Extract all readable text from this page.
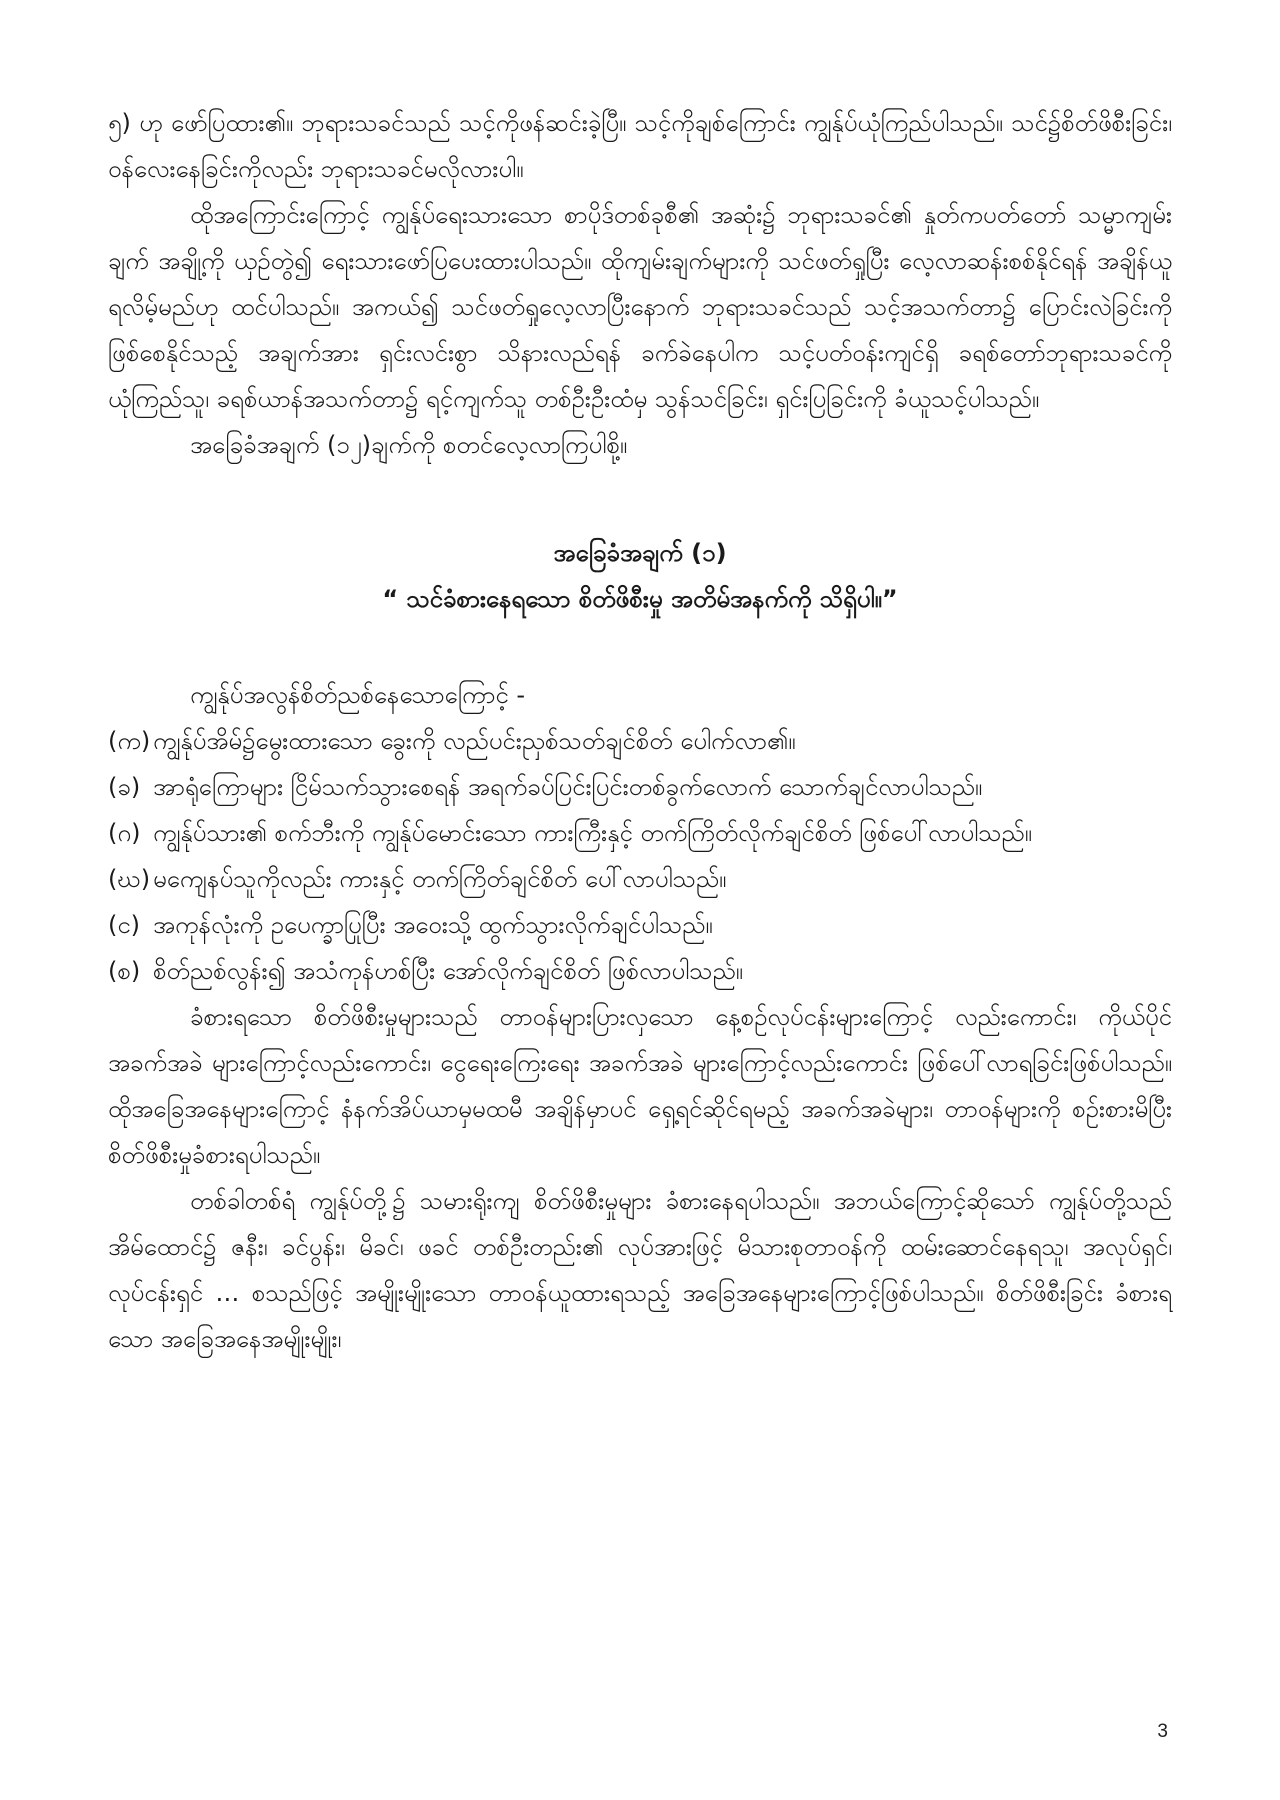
၅) ဟု ဖော်ပြထား၏။ ဘုရားသခင်သည် သင့်ကိုဖန်ဆင်းခဲ့ပြီ။ သင့်ကိုချစ်ကြောင်း ကျွန်ုပ်ယုံကြည်ပါသည်။ သင်၌စိတ်ဖိစီးခြင်း၊ ဝန်လေးနေခြင်းကိုလည်း ဘုရားသခင်မလိုလားပါ။

ထိုအကြောင်းကြောင့် ကျွန်ုပ်ရေးသားသော စာပိုဒ်တစ်ခုစီ၏ အဆုံး၌ ဘုရားသခင်၏ နှုတ်ကပတ်တော် သမ္မာကျမ်းချက် အချို့ကို ယှဉ်တွဲ၍ ရေးသားဖော်ပြပေးထားပါသည်။ ထိုကျမ်းချက်များကို သင်ဖတ်ရှုပြီး လေ့လာဆန်းစစ်နိုင်ရန် အချိန်ယူရလိမ့်မည်ဟု ထင်ပါသည်။ အကယ်၍ သင်ဖတ်ရှုလေ့လာပြီးနောက် ဘုရားသခင်သည် သင့်အသက်တာ၌ ပြောင်းလဲခြင်းကို ဖြစ်စေနိုင်သည့် အချက်အား ရှင်းလင်းစွာ သိနားလည်ရန် ခက်ခဲနေပါက သင့်ပတ်ဝန်းကျင်ရှိ ခရစ်တော်ဘုရားသခင်ကို ယုံကြည်သူ၊ ခရစ်ယာန်အသက်တာ၌ ရင့်ကျက်သူ တစ်ဦးဦးထံမှ သွန်သင်ခြင်း၊ ရှင်းပြခြင်းကို ခံယူသင့်ပါသည်။

အခြေခံအချက် (၁၂)ချက်ကို စတင်လေ့လာကြပါစို့။

အခြေခံအချက် (၁)

“ သင်ခံစားနေရသော စိတ်ဖိစီးမှု အတိမ်အနက်ကို သိရှိပါ။”

ကျွန်ုပ်အလွန်စိတ်ညစ်နေသောကြောင့် -

(က) ကျွန်ုပ်အိမ်၌မွေးထားသော ခွေးကို လည်ပင်းညှစ်သတ်ချင်စိတ် ပေါက်လာ၏။
(ခ) အာရုံကြောများ ငြိမ်သက်သွားစေရန် အရက်ခပ်ပြင်းပြင်းတစ်ခွက်လောက် သောက်ချင်လာပါသည်။
(ဂ) ကျွန်ုပ်သား၏ စက်ဘီးကို ကျွန်ုပ်မောင်းသော ကားကြီးနှင့် တက်ကြိတ်လိုက်ချင်စိတ် ဖြစ်ပေါ်လာပါသည်။
(ဃ) မကျေနပ်သူကိုလည်း ကားနှင့် တက်ကြိတ်ချင်စိတ် ပေါ်လာပါသည်။
(င) အကုန်လုံးကို ဥပေက္ခာပြုပြီး အဝေးသို့ ထွက်သွားလိုက်ချင်ပါသည်။
(စ) စိတ်ညစ်လွန်း၍ အသံကုန်ဟစ်ပြီး အော်လိုက်ချင်စိတ် ဖြစ်လာပါသည်။

ခံစားရသော စိတ်ဖိစီးမှုများသည် တာဝန်များပြားလှသော နေ့စဉ်လုပ်ငန်းများကြောင့် လည်းကောင်း၊ ကိုယ်ပိုင်အခက်အခဲ များကြောင့်လည်းကောင်း၊ ငွေရေးကြေးရေး အခက်အခဲ များကြောင့်လည်းကောင်း ဖြစ်ပေါ်လာရခြင်းဖြစ်ပါသည်။ ထိုအခြေအနေများကြောင့် နံနက်အိပ်ယာမှမထမီ အချိန်မှာပင် ရှေ့ရင်ဆိုင်ရမည့် အခက်အခဲများ၊ တာဝန်များကို စဉ်းစားမိပြီး စိတ်ဖိစီးမှုခံစားရပါသည်။

တစ်ခါတစ်ရံ ကျွန်ုပ်တို့၌ သမားရိုးကျ စိတ်ဖိစီးမှုများ ခံစားနေရပါသည်။ အဘယ်ကြောင့်ဆိုသော် ကျွန်ုပ်တို့သည် အိမ်ထောင်၌ ဇနီး၊ ခင်ပွန်း၊ မိခင်၊ ဖခင် တစ်ဦးတည်း၏ လုပ်အားဖြင့် မိသားစုတာဝန်ကို ထမ်းဆောင်နေရသူ၊ အလုပ်ရှင်၊ လုပ်ငန်းရှင် … စသည်ဖြင့် အမျိုးမျိုးသော တာဝန်ယူထားရသည့် အခြေအနေများကြောင့်ဖြစ်ပါသည်။ စိတ်ဖိစီးခြင်း ခံစားရသော အခြေအနေအမျိုးမျိုး၊

3
